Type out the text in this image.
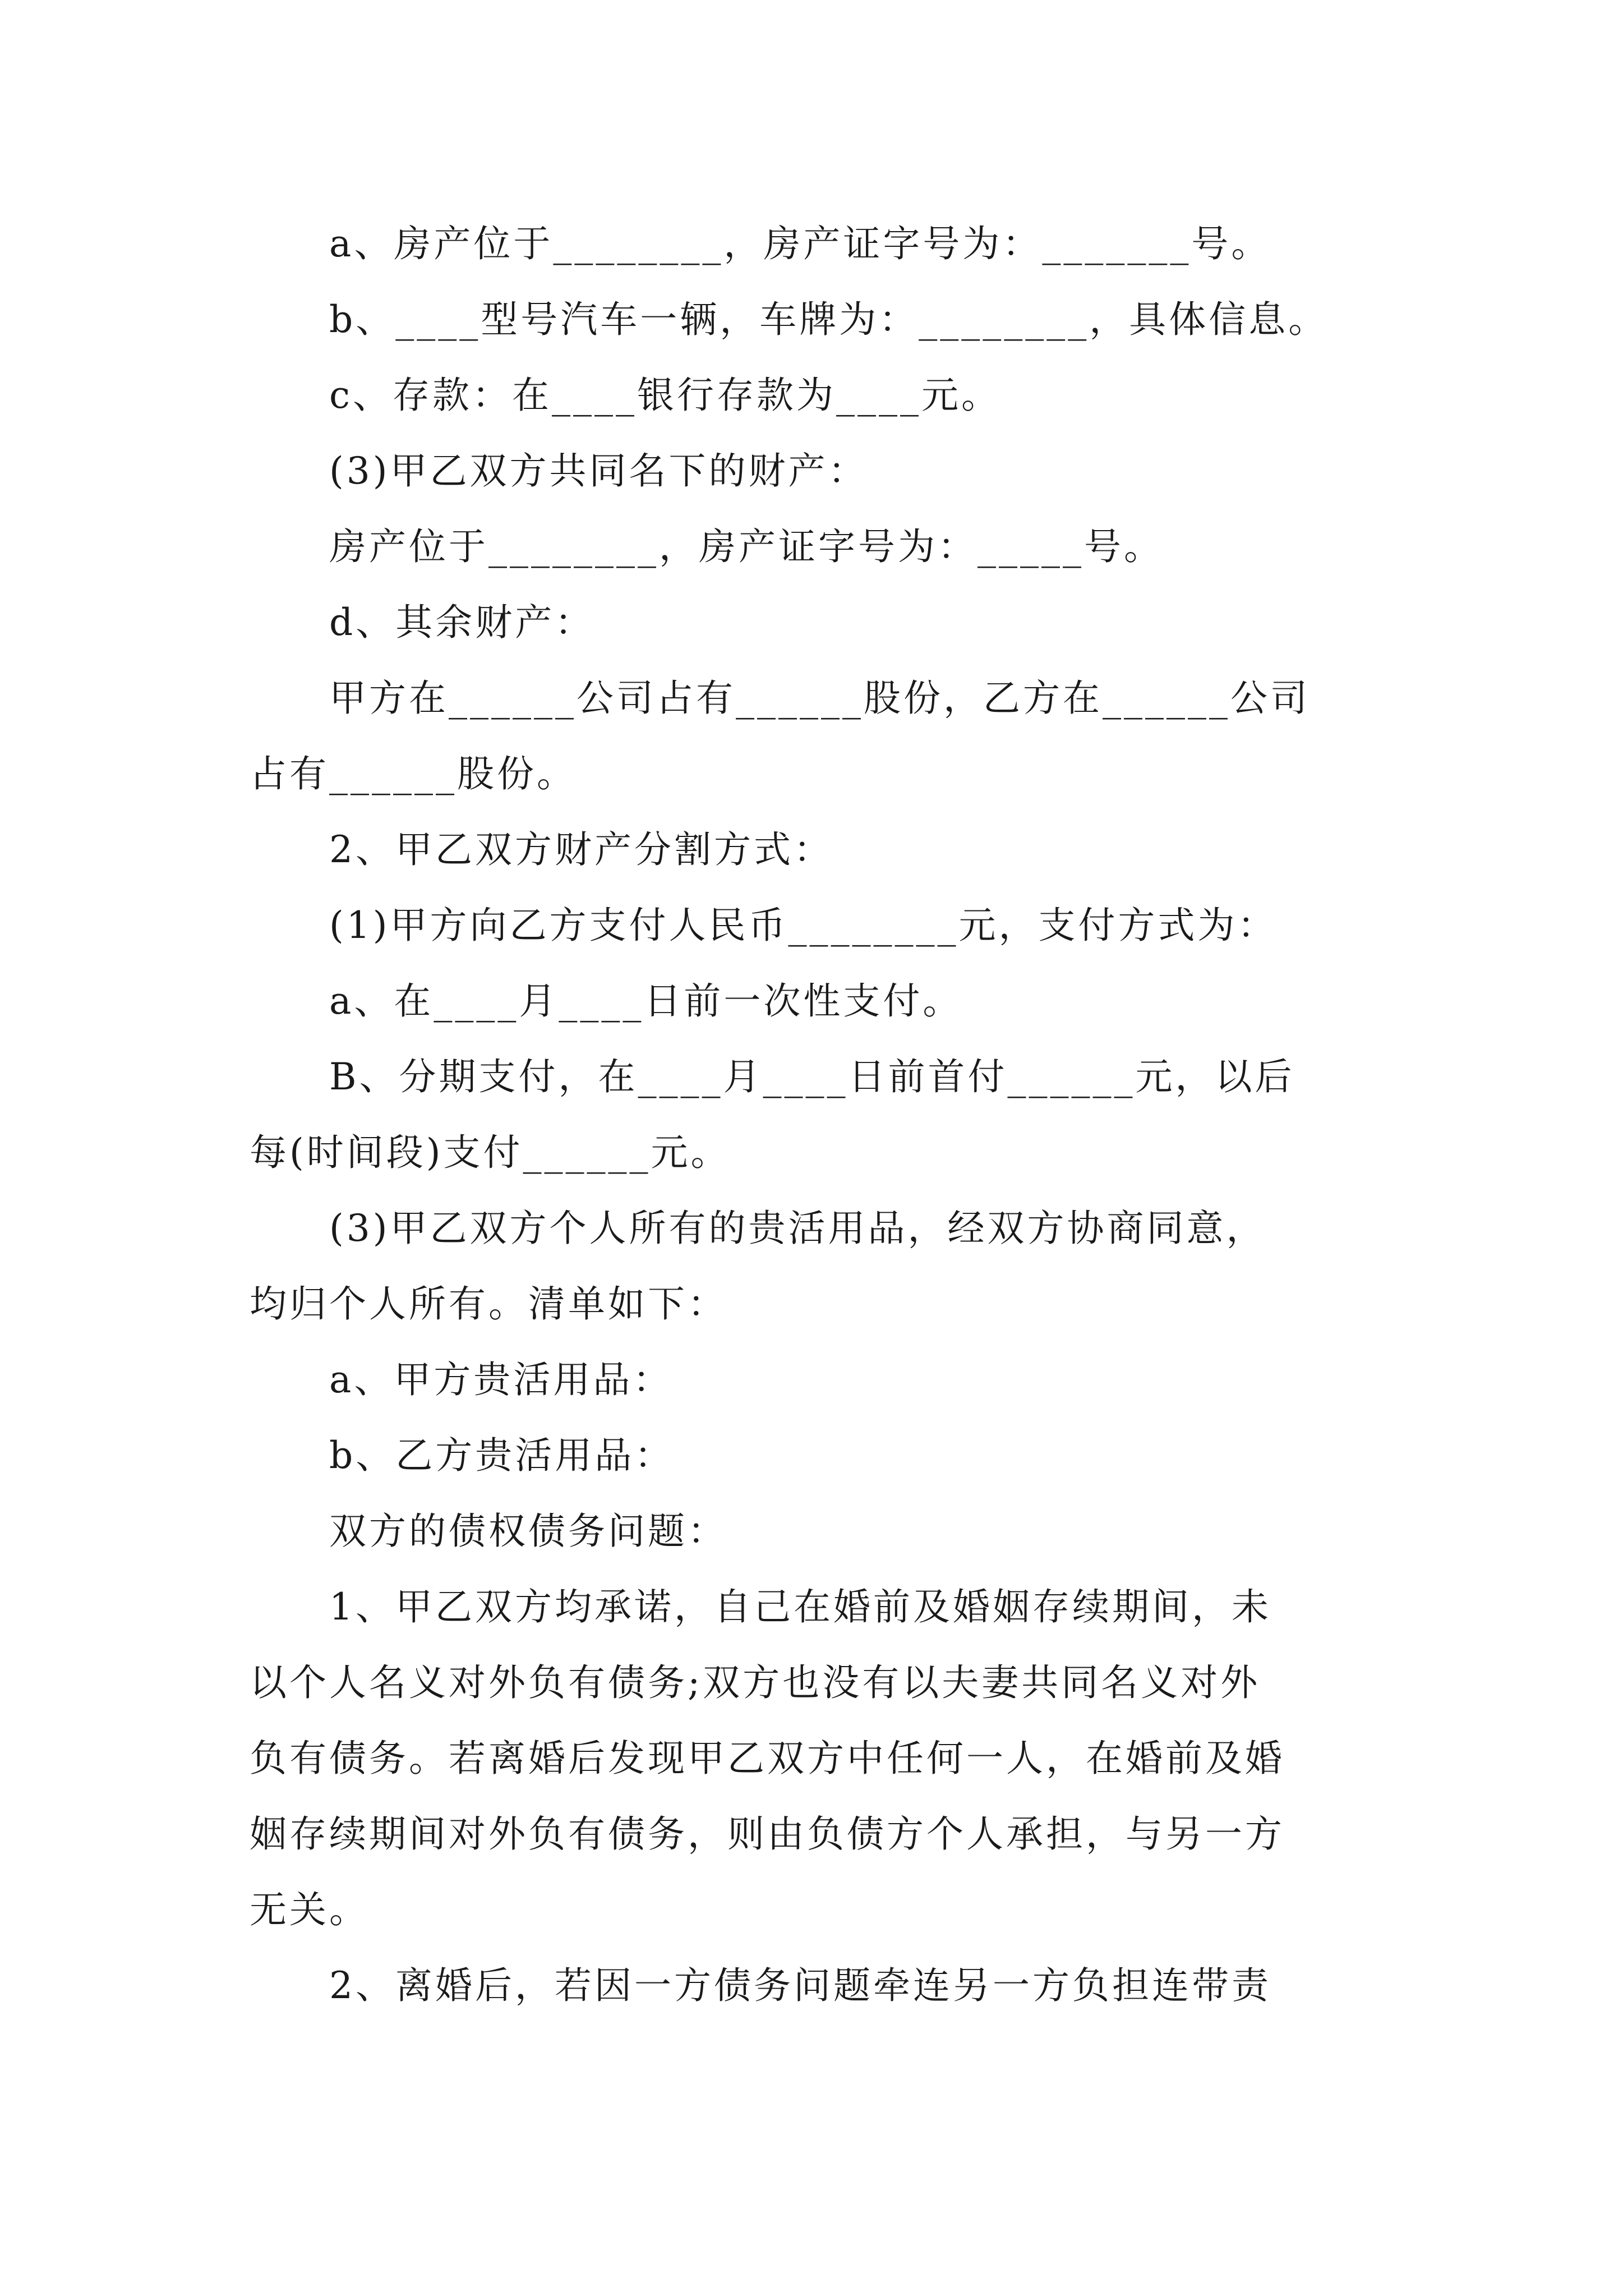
　　a、房产位于________，房产证字号为：_______号。
　　b、____型号汽车一辆，车牌为：________，具体信息。
　　c、存款：在____银行存款为____元。
　　(3)甲乙双方共同名下的财产：
　　房产位于________，房产证字号为：_____号。
　　d、其余财产：
　　甲方在______公司占有______股份，乙方在______公司
占有______股份。
　　2、甲乙双方财产分割方式：
　　(1)甲方向乙方支付人民币________元，支付方式为：
　　a、在____月____日前一次性支付。
　　B、分期支付，在____月____日前首付______元，以后
每(时间段)支付______元。
　　(3)甲乙双方个人所有的贵活用品，经双方协商同意，
均归个人所有。清单如下：
　　a、甲方贵活用品：
　　b、乙方贵活用品：
　　双方的债权债务问题：
　　1、甲乙双方均承诺，自己在婚前及婚姻存续期间，未
以个人名义对外负有债务;双方也没有以夫妻共同名义对外
负有债务。若离婚后发现甲乙双方中任何一人，在婚前及婚
姻存续期间对外负有债务，则由负债方个人承担，与另一方
无关。
　　2、离婚后，若因一方债务问题牵连另一方负担连带责
